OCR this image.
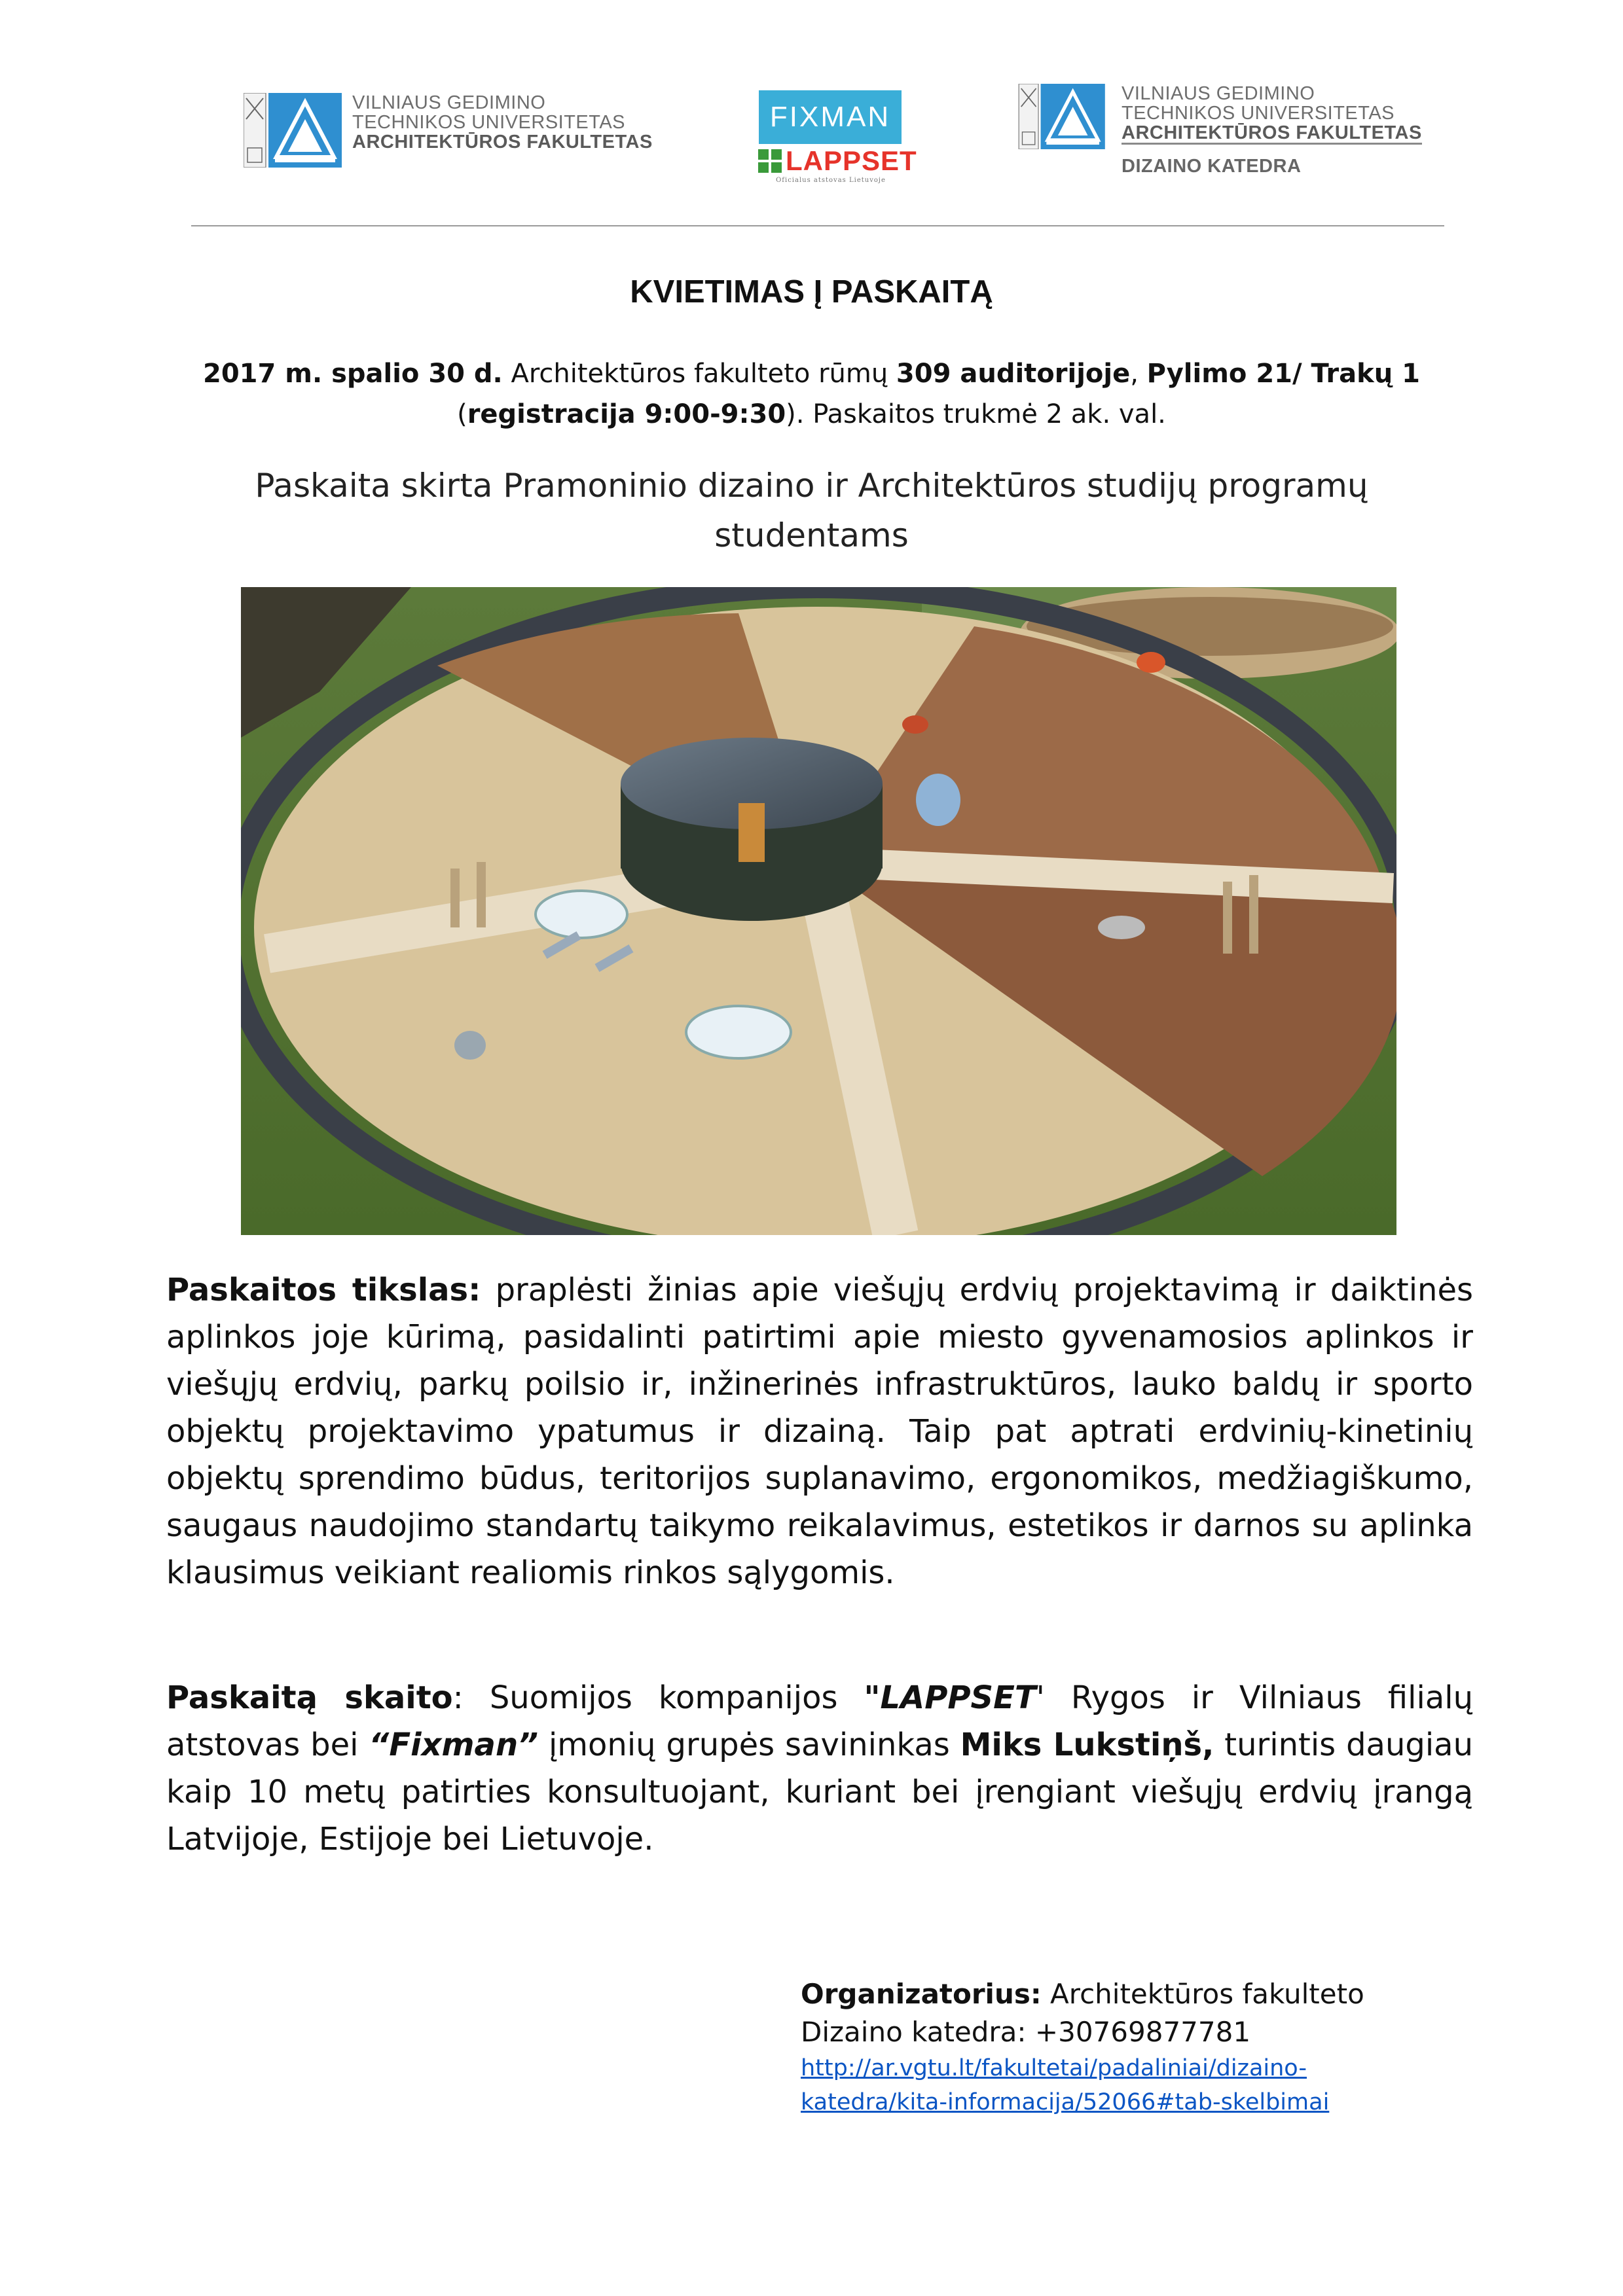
VILNIAUS GEDIMINO
TECHNIKOS UNIVERSITETAS
ARCHITEKTŪROS FAKULTETAS
FIXMAN
LAPPSET
Oficialus atstovas Lietuvoje
VILNIAUS GEDIMINO
TECHNIKOS UNIVERSITETAS
ARCHITEKTŪROS FAKULTETAS
DIZAINO KATEDRA
KVIETIMAS Į PASKAITĄ
2017 m. spalio 30 d. Architektūros fakulteto rūmų 309 auditorijoje, Pylimo 21/ Trakų 1 (registracija 9:00-9:30). Paskaitos trukmė 2 ak. val.
Paskaita skirta Pramoninio dizaino ir Architektūros studijų programų studentams
Paskaitos tikslas: praplėsti žinias apie viešųjų erdvių projektavimą ir daiktinės aplinkos joje kūrimą, pasidalinti patirtimi apie miesto gyvenamosios aplinkos ir viešųjų erdvių, parkų poilsio ir, inžinerinės infrastruktūros, lauko baldų ir sporto objektų projektavimo ypatumus ir dizainą. Taip pat aptrati erdvinių-kinetinių objektų sprendimo būdus, teritorijos suplanavimo, ergonomikos, medžiagiškumo, saugaus naudojimo standartų taikymo reikalavimus, estetikos ir darnos su aplinka klausimus veikiant realiomis rinkos sąlygomis.
Paskaitą skaito: Suomijos kompanijos "LAPPSET' Rygos ir Vilniaus filialų atstovas bei “Fixman” įmonių grupės savininkas Miks Lukstiņš, turintis daugiau kaip 10 metų patirties konsultuojant, kuriant bei įrengiant viešųjų erdvių įrangą Latvijoje, Estijoje bei Lietuvoje.
Organizatorius: Architektūros fakulteto
Dizaino katedra: +30769877781
http://ar.vgtu.lt/fakultetai/padaliniai/dizaino-
katedra/kita-informacija/52066#tab-skelbimai
